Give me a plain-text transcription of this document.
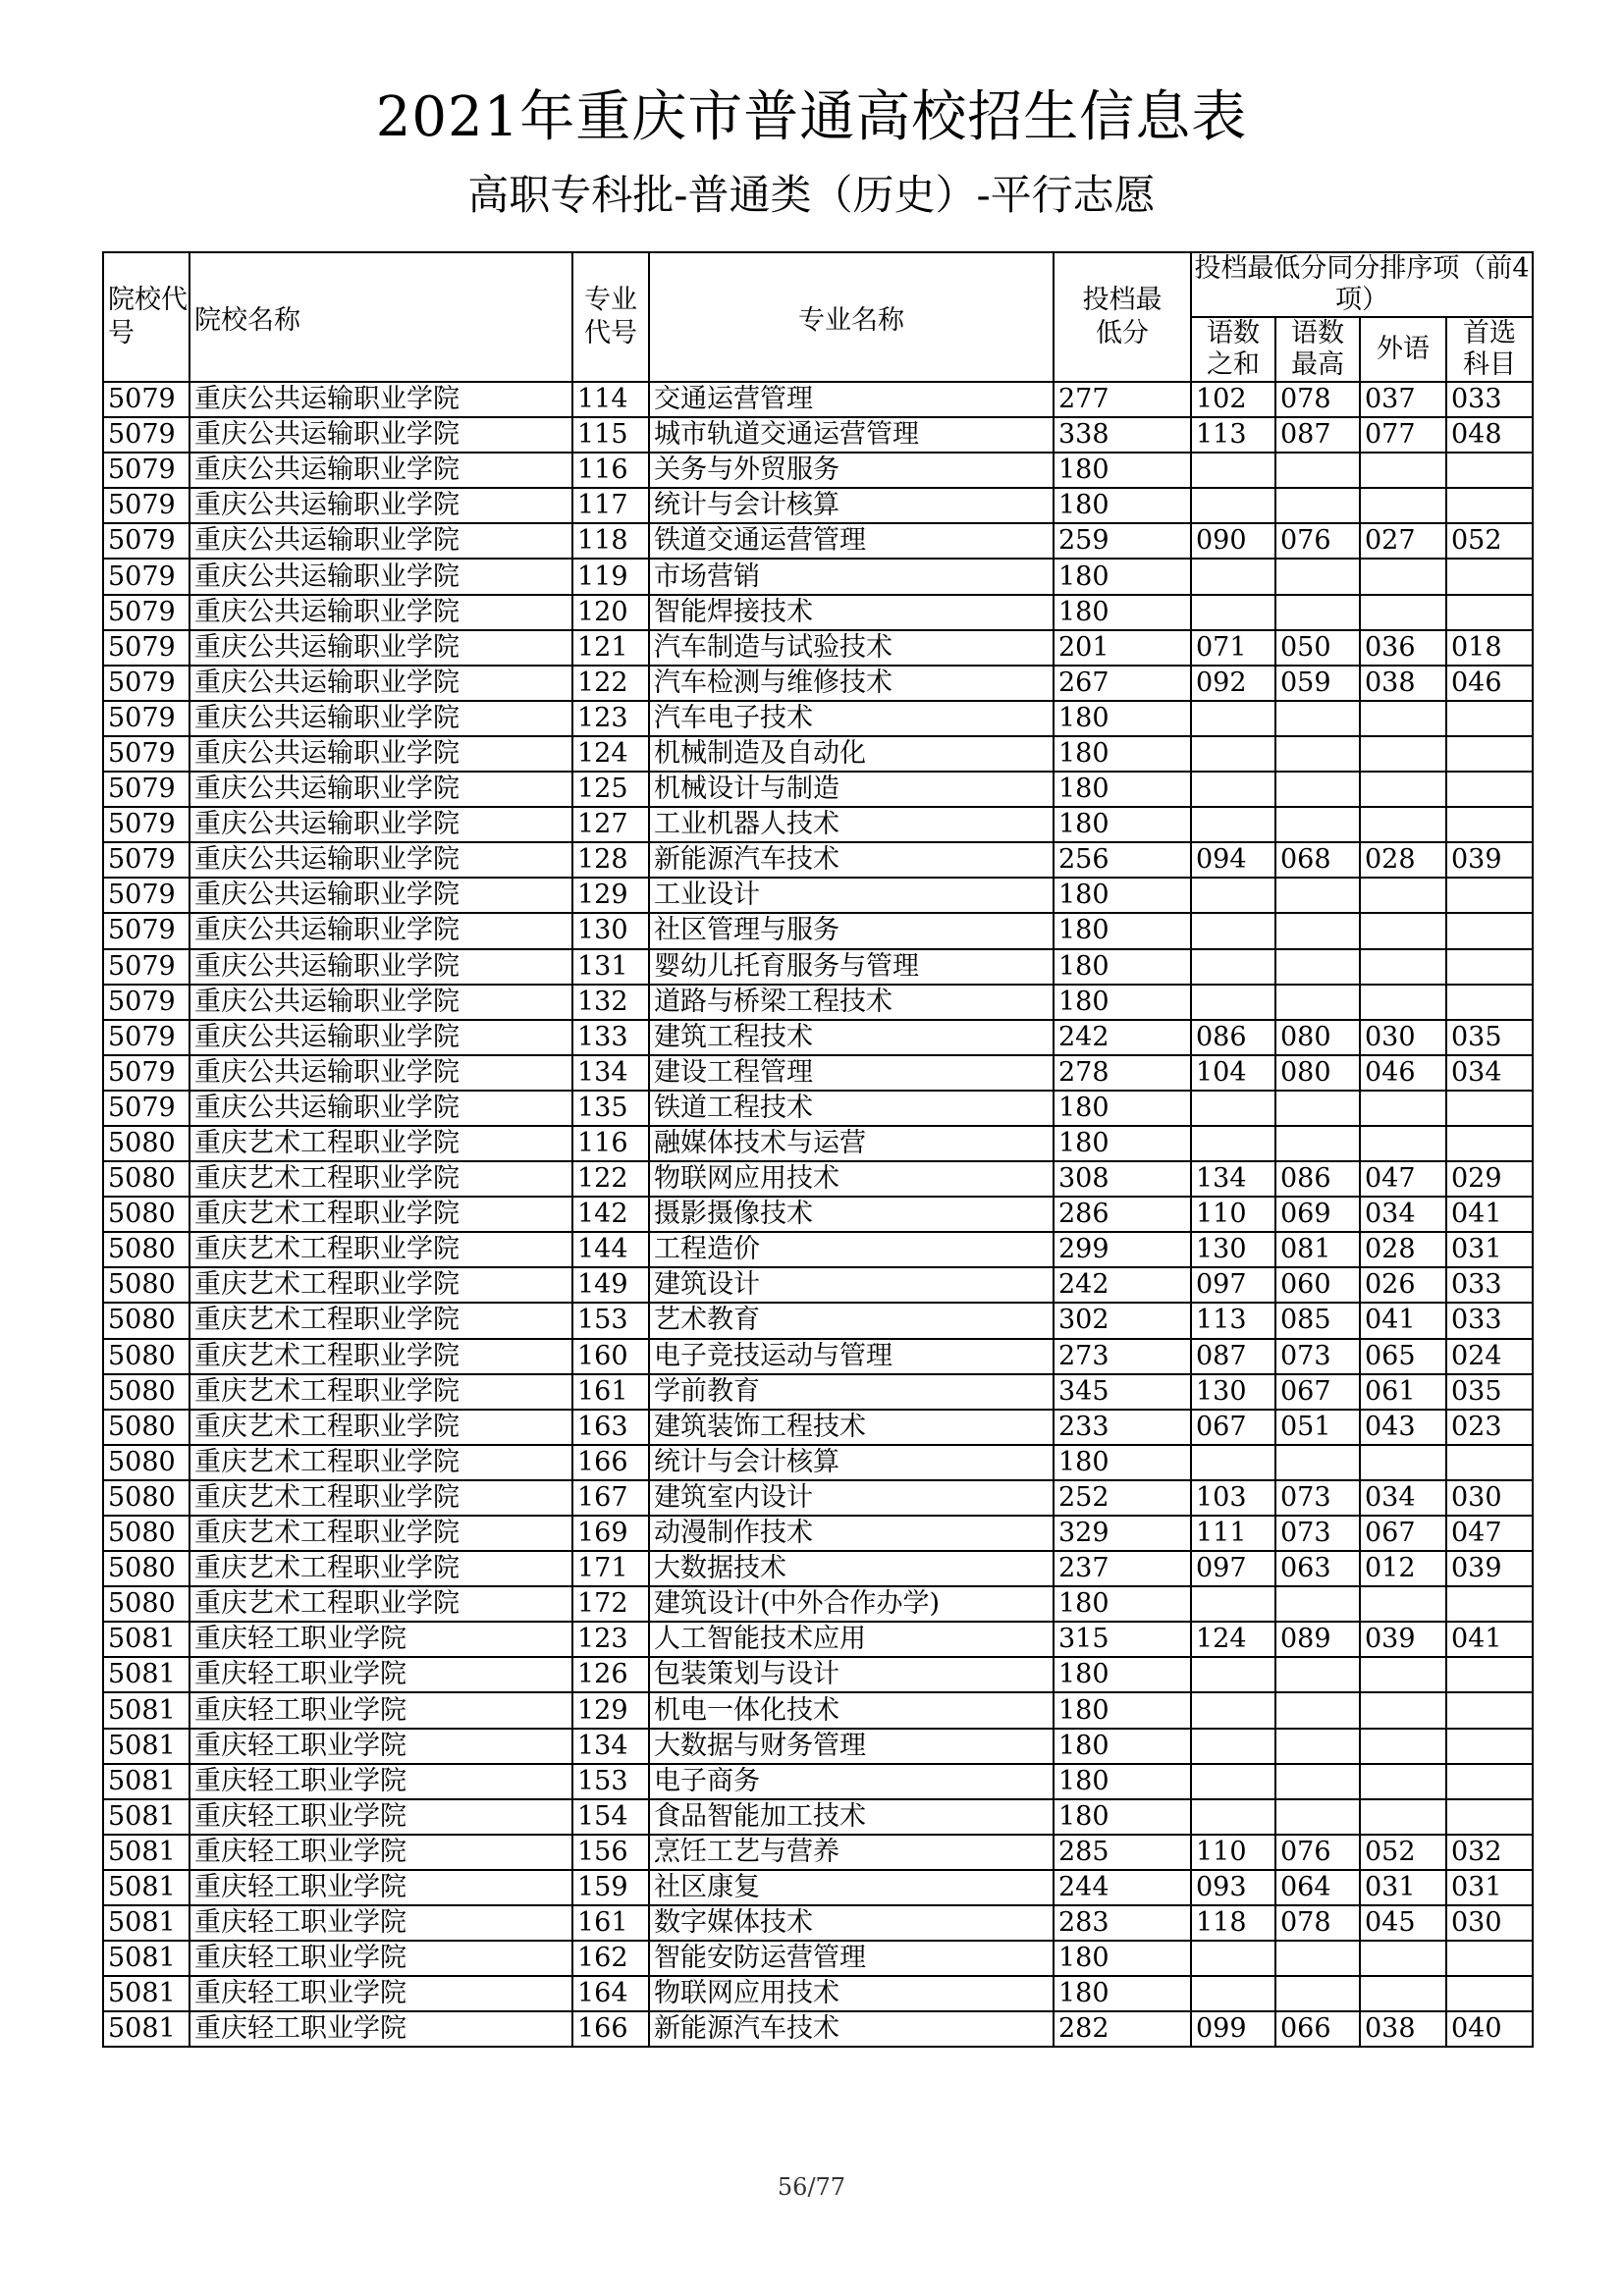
2021年重庆市普通高校招生信息表
高职专科批-普通类（历史）-平行志愿
院校代号	院校名称	专业代号	专业名称	投档最低分	投档最低分同分排序项（前4项）			
					语数之和	语数最高	外语	首选科目
5079	重庆公共运输职业学院	114	交通运营管理	277	102	078	037	033
5079	重庆公共运输职业学院	115	城市轨道交通运营管理	338	113	087	077	048
5079	重庆公共运输职业学院	116	关务与外贸服务	180				
5079	重庆公共运输职业学院	117	统计与会计核算	180				
5079	重庆公共运输职业学院	118	铁道交通运营管理	259	090	076	027	052
5079	重庆公共运输职业学院	119	市场营销	180				
5079	重庆公共运输职业学院	120	智能焊接技术	180				
5079	重庆公共运输职业学院	121	汽车制造与试验技术	201	071	050	036	018
5079	重庆公共运输职业学院	122	汽车检测与维修技术	267	092	059	038	046
5079	重庆公共运输职业学院	123	汽车电子技术	180				
5079	重庆公共运输职业学院	124	机械制造及自动化	180				
5079	重庆公共运输职业学院	125	机械设计与制造	180				
5079	重庆公共运输职业学院	127	工业机器人技术	180				
5079	重庆公共运输职业学院	128	新能源汽车技术	256	094	068	028	039
5079	重庆公共运输职业学院	129	工业设计	180				
5079	重庆公共运输职业学院	130	社区管理与服务	180				
5079	重庆公共运输职业学院	131	婴幼儿托育服务与管理	180				
5079	重庆公共运输职业学院	132	道路与桥梁工程技术	180				
5079	重庆公共运输职业学院	133	建筑工程技术	242	086	080	030	035
5079	重庆公共运输职业学院	134	建设工程管理	278	104	080	046	034
5079	重庆公共运输职业学院	135	铁道工程技术	180				
5080	重庆艺术工程职业学院	116	融媒体技术与运营	180				
5080	重庆艺术工程职业学院	122	物联网应用技术	308	134	086	047	029
5080	重庆艺术工程职业学院	142	摄影摄像技术	286	110	069	034	041
5080	重庆艺术工程职业学院	144	工程造价	299	130	081	028	031
5080	重庆艺术工程职业学院	149	建筑设计	242	097	060	026	033
5080	重庆艺术工程职业学院	153	艺术教育	302	113	085	041	033
5080	重庆艺术工程职业学院	160	电子竞技运动与管理	273	087	073	065	024
5080	重庆艺术工程职业学院	161	学前教育	345	130	067	061	035
5080	重庆艺术工程职业学院	163	建筑装饰工程技术	233	067	051	043	023
5080	重庆艺术工程职业学院	166	统计与会计核算	180				
5080	重庆艺术工程职业学院	167	建筑室内设计	252	103	073	034	030
5080	重庆艺术工程职业学院	169	动漫制作技术	329	111	073	067	047
5080	重庆艺术工程职业学院	171	大数据技术	237	097	063	012	039
5080	重庆艺术工程职业学院	172	建筑设计(中外合作办学)	180				
5081	重庆轻工职业学院	123	人工智能技术应用	315	124	089	039	041
5081	重庆轻工职业学院	126	包装策划与设计	180				
5081	重庆轻工职业学院	129	机电一体化技术	180				
5081	重庆轻工职业学院	134	大数据与财务管理	180				
5081	重庆轻工职业学院	153	电子商务	180				
5081	重庆轻工职业学院	154	食品智能加工技术	180				
5081	重庆轻工职业学院	156	烹饪工艺与营养	285	110	076	052	032
5081	重庆轻工职业学院	159	社区康复	244	093	064	031	031
5081	重庆轻工职业学院	161	数字媒体技术	283	118	078	045	030
5081	重庆轻工职业学院	162	智能安防运营管理	180				
5081	重庆轻工职业学院	164	物联网应用技术	180				
5081	重庆轻工职业学院	166	新能源汽车技术	282	099	066	038	040
56/77
